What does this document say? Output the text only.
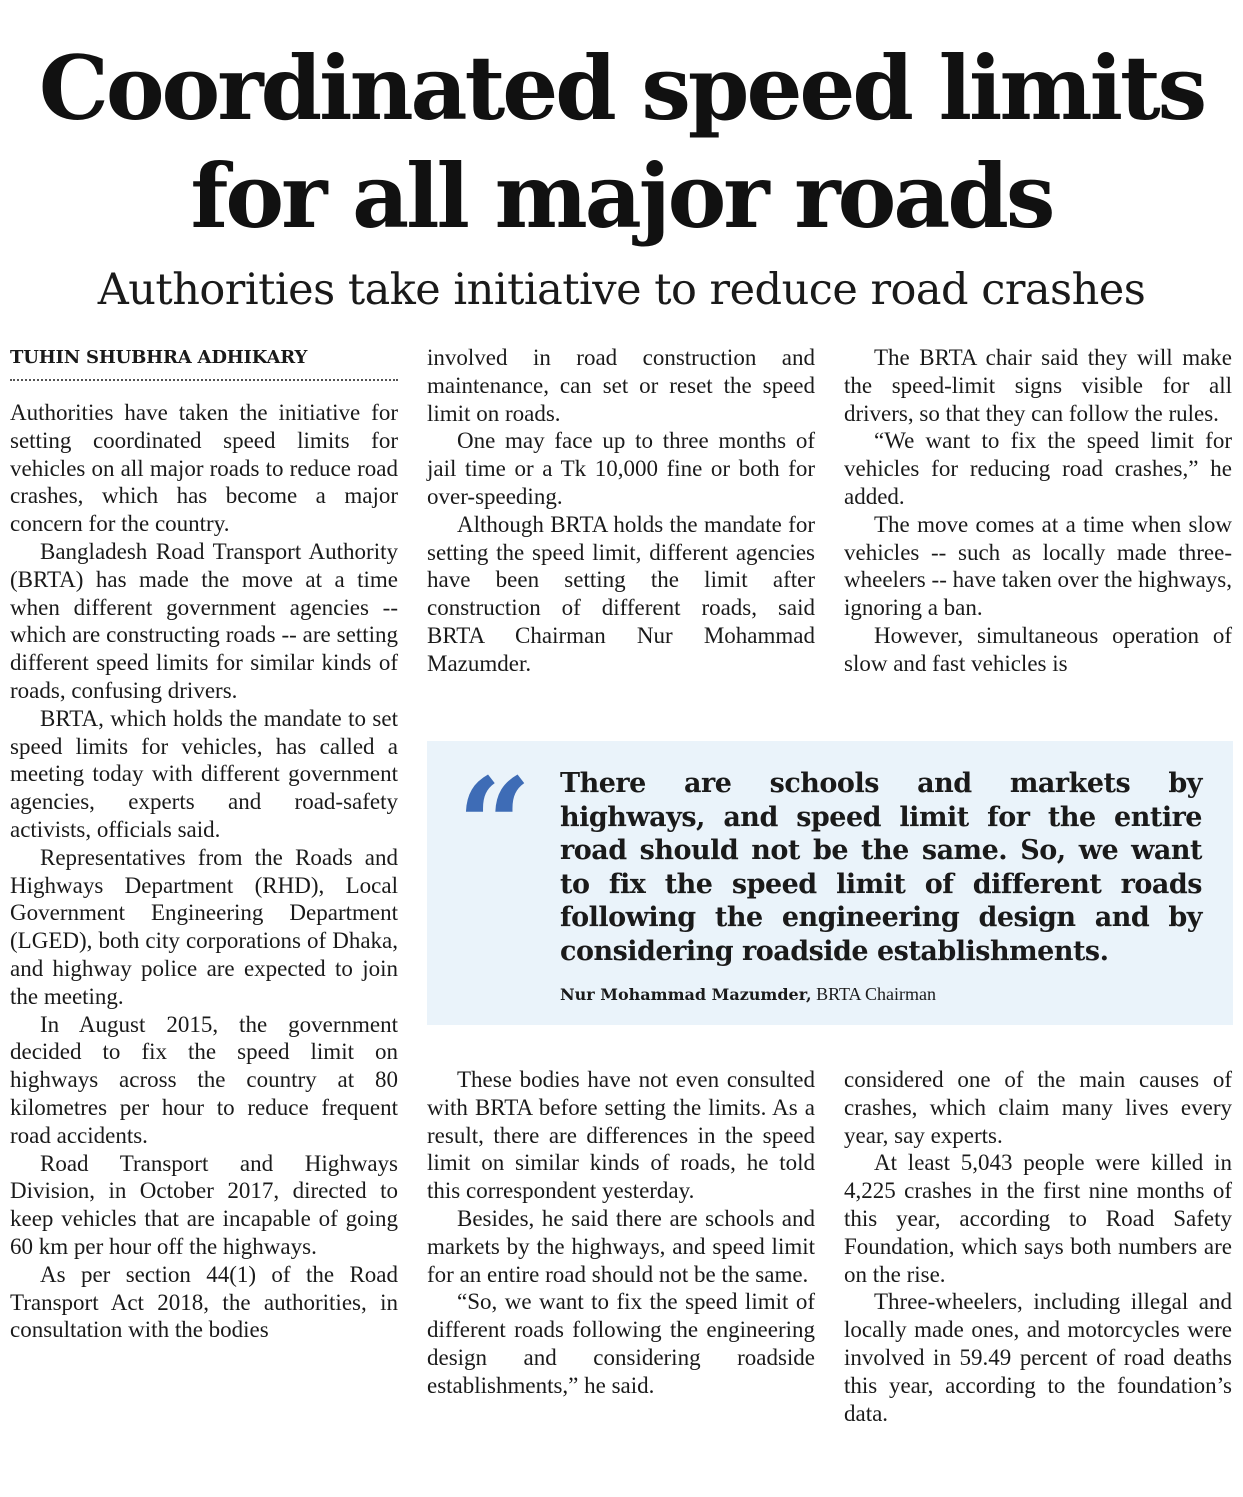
Coordinated speed limits
for all major roads
Authorities take initiative to reduce road crashes
TUHIN SHUBHRA ADHIKARY

Authorities have taken the initiative for setting coordinated speed limits for vehicles on all major roads to reduce road crashes, which has become a major concern for the country.

Bangladesh Road Transport Authority (BRTA) has made the move at a time when different government agencies -- which are constructing roads -- are setting different speed limits for similar kinds of roads, confusing drivers.

BRTA, which holds the mandate to set speed limits for vehicles, has called a meeting today with different government agencies, experts and road-safety activists, officials said.

Representatives from the Roads and Highways Department (RHD), Local Government Engineering Department (LGED), both city corporations of Dhaka, and highway police are expected to join the meeting.

In August 2015, the government decided to fix the speed limit on highways across the country at 80 kilometres per hour to reduce frequent road accidents.

Road Transport and Highways Division, in October 2017, directed to keep vehicles that are incapable of going 60 km per hour off the highways.

As per section 44(1) of the Road Transport Act 2018, the authorities, in consultation with the bodies

involved in road construction and maintenance, can set or reset the speed limit on roads.

One may face up to three months of jail time or a Tk 10,000 fine or both for over-speeding.

Although BRTA holds the mandate for setting the speed limit, different agencies have been setting the limit after construction of different roads, said BRTA Chairman Nur Mohammad Mazumder.

The BRTA chair said they will make the speed-limit signs visible for all drivers, so that they can follow the rules.

“We want to fix the speed limit for vehicles for reducing road crashes,” he added.

The move comes at a time when slow vehicles -- such as locally made three-wheelers -- have taken over the highways, ignoring a ban.

However, simultaneous operation of slow and fast vehicles is

“ There are schools and markets by highways, and speed limit for the entire road should not be the same. So, we want to fix the speed limit of different roads following the engineering design and by considering roadside establishments.

Nur Mohammad Mazumder, BRTA Chairman

These bodies have not even consulted with BRTA before setting the limits. As a result, there are differences in the speed limit on similar kinds of roads, he told this correspondent yesterday.

Besides, he said there are schools and markets by the highways, and speed limit for an entire road should not be the same.

“So, we want to fix the speed limit of different roads following the engineering design and considering roadside establishments,” he said.

considered one of the main causes of crashes, which claim many lives every year, say experts.

At least 5,043 people were killed in 4,225 crashes in the first nine months of this year, according to Road Safety Foundation, which says both numbers are on the rise.

Three-wheelers, including illegal and locally made ones, and motorcycles were involved in 59.49 percent of road deaths this year, according to the foundation’s data.
